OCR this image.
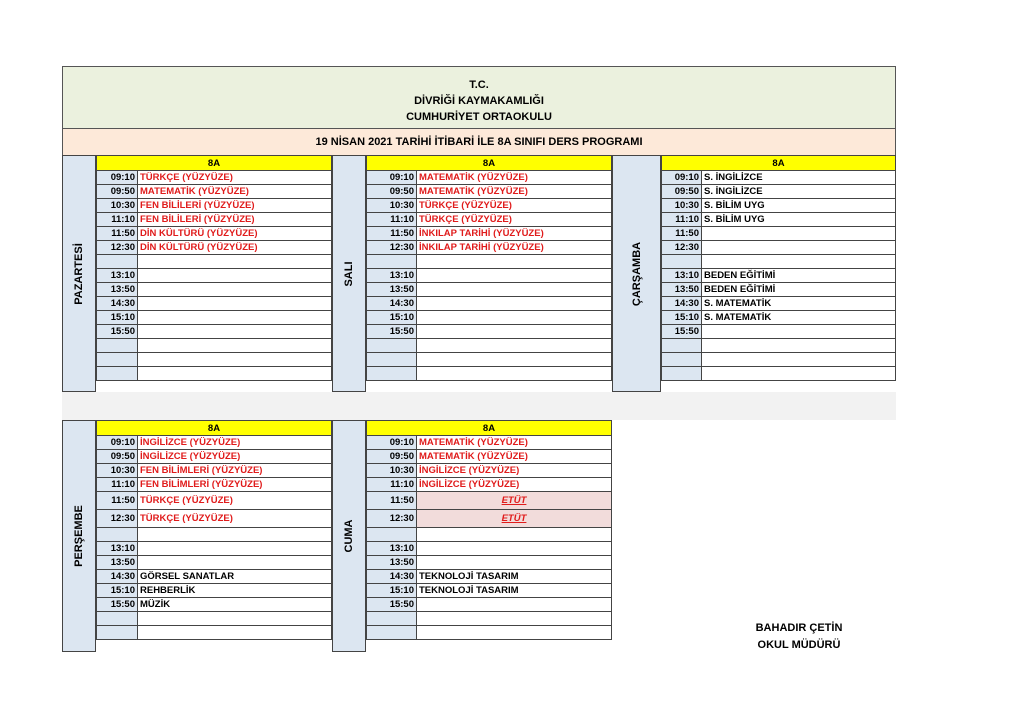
T.C.
DİVRİĞİ KAYMAKAMLIĞI
CUMHURİYET ORTAOKULU
19 NİSAN 2021 TARİHİ İTİBARİ İLE 8A SINIFI DERS PROGRAMI
PAZARTESİ	SALI	ÇARŞAMBA
PERŞEMBE	CUMA
8A	
09:10	TÜRKÇE (YÜZYÜZE)
09:50	MATEMATİK (YÜZYÜZE)
10:30	FEN BİLİLERİ (YÜZYÜZE)
11:10	FEN BİLİLERİ (YÜZYÜZE)
11:50	DİN KÜLTÜRÜ (YÜZYÜZE)
12:30	DİN KÜLTÜRÜ (YÜZYÜZE)

13:10	
13:50	
14:30	
15:10	
15:50	

8A	
09:10	MATEMATİK (YÜZYÜZE)
09:50	MATEMATİK (YÜZYÜZE)
10:30	TÜRKÇE (YÜZYÜZE)
11:10	TÜRKÇE (YÜZYÜZE)
11:50	İNKILAP TARİHİ (YÜZYÜZE)
12:30	İNKILAP TARİHİ (YÜZYÜZE)

13:10	
13:50	
14:30	
15:10	
15:50	

8A	
09:10	S. İNGİLİZCE
09:50	S. İNGİLİZCE
10:30	S. BİLİM UYG
11:10	S. BİLİM UYG
11:50	
12:30	

13:10	BEDEN EĞİTİMİ
13:50	BEDEN EĞİTİMİ
14:30	S. MATEMATİK
15:10	S. MATEMATİK
15:50	

8A	
09:10	İNGİLİZCE (YÜZYÜZE)
09:50	İNGİLİZCE (YÜZYÜZE)
10:30	FEN BİLİMLERİ (YÜZYÜZE)
11:10	FEN BİLİMLERİ (YÜZYÜZE)
11:50	TÜRKÇE (YÜZYÜZE)
12:30	TÜRKÇE (YÜZYÜZE)

13:10	
13:50	
14:30	GÖRSEL SANATLAR
15:10	REHBERLİK
15:50	MÜZİK

8A	
09:10	MATEMATİK (YÜZYÜZE)
09:50	MATEMATİK (YÜZYÜZE)
10:30	İNGİLİZCE (YÜZYÜZE)
11:10	İNGİLİZCE (YÜZYÜZE)
11:50	ETÜT
12:30	ETÜT

13:10	
13:50	
14:30	TEKNOLOJİ TASARIM
15:10	TEKNOLOJİ TASARIM
15:50	

BAHADIR ÇETİN
OKUL MÜDÜRÜ
